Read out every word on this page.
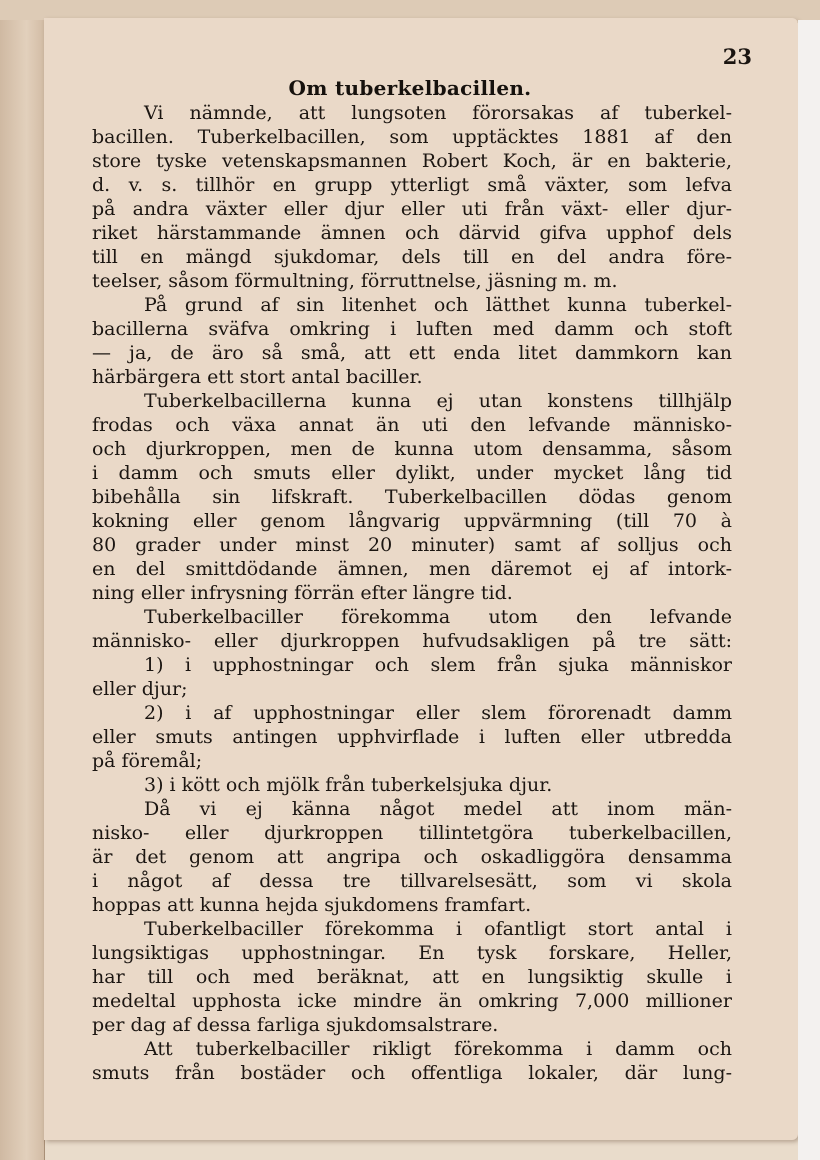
23
Om tuberkelbacillen.
Vi nämnde, att lungsoten förorsakas af tuberkel-
bacillen. Tuberkelbacillen, som upptäcktes 1881 af den
store tyske vetenskapsmannen Robert Koch, är en bakterie,
d. v. s. tillhör en grupp ytterligt små växter, som lefva
på andra växter eller djur eller uti från växt- eller djur-
riket härstammande ämnen och därvid gifva upphof dels
till en mängd sjukdomar, dels till en del andra före-
teelser, såsom förmultning, förruttnelse, jäsning m. m.
På grund af sin litenhet och lätthet kunna tuberkel-
bacillerna sväfva omkring i luften med damm och stoft
— ja, de äro så små, att ett enda litet dammkorn kan
härbärgera ett stort antal baciller.
Tuberkelbacillerna kunna ej utan konstens tillhjälp
frodas och växa annat än uti den lefvande människo-
och djurkroppen, men de kunna utom densamma, såsom
i damm och smuts eller dylikt, under mycket lång tid
bibehålla sin lifskraft. Tuberkelbacillen dödas genom
kokning eller genom långvarig uppvärmning (till 70 à
80 grader under minst 20 minuter) samt af solljus och
en del smittdödande ämnen, men däremot ej af intork-
ning eller infrysning förrän efter längre tid.
Tuberkelbaciller förekomma utom den lefvande
människo- eller djurkroppen hufvudsakligen på tre sätt:
1) i upphostningar och slem från sjuka människor
eller djur;
2) i af upphostningar eller slem förorenadt damm
eller smuts antingen upphvirflade i luften eller utbredda
på föremål;
3) i kött och mjölk från tuberkelsjuka djur.
Då vi ej känna något medel att inom män-
nisko- eller djurkroppen tillintetgöra tuberkelbacillen,
är det genom att angripa och oskadliggöra densamma
i något af dessa tre tillvarelsesätt, som vi skola
hoppas att kunna hejda sjukdomens framfart.
Tuberkelbaciller förekomma i ofantligt stort antal i
lungsiktigas upphostningar. En tysk forskare, Heller,
har till och med beräknat, att en lungsiktig skulle i
medeltal upphosta icke mindre än omkring 7,000 millioner
per dag af dessa farliga sjukdomsalstrare.
Att tuberkelbaciller rikligt förekomma i damm och
smuts från bostäder och offentliga lokaler, där lung-
